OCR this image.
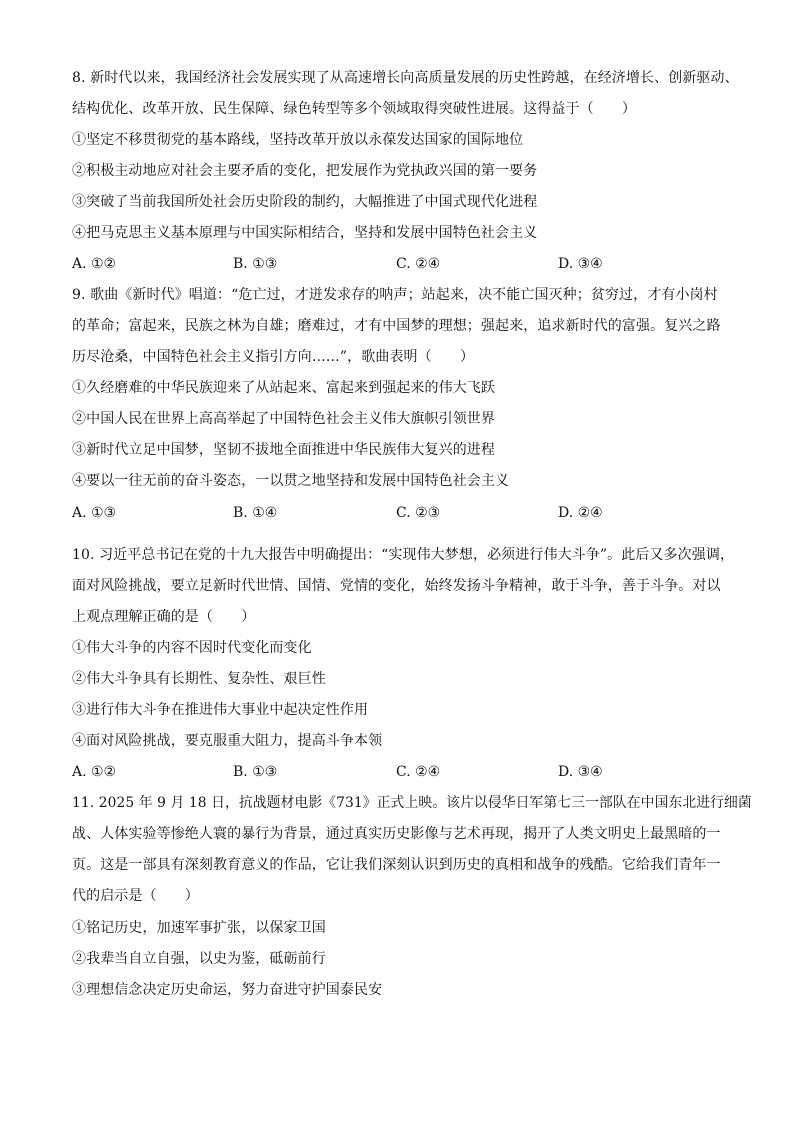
8. 新时代以来，我国经济社会发展实现了从高速增长向高质量发展的历史性跨越，在经济增长、创新驱动、
结构优化、改革开放、民生保障、绿色转型等多个领域取得突破性进展。这得益于（　　）
①坚定不移贯彻党的基本路线，坚持改革开放以永葆发达国家的国际地位
②积极主动地应对社会主要矛盾的变化，把发展作为党执政兴国的第一要务
③突破了当前我国所处社会历史阶段的制约，大幅推进了中国式现代化进程
④把马克思主义基本原理与中国实际相结合，坚持和发展中国特色社会主义
A. ①②	B. ①③	C. ②④	D. ③④
9. 歌曲《新时代》唱道：“危亡过，才迸发求存的呐声；站起来，决不能亡国灭种；贫穷过，才有小岗村
的革命；富起来，民族之林为自雄；磨难过，才有中国梦的理想；强起来，追求新时代的富强。复兴之路
历尽沧桑，中国特色社会主义指引方向……”，歌曲表明（　　）
①久经磨难的中华民族迎来了从站起来、富起来到强起来的伟大飞跃
②中国人民在世界上高高举起了中国特色社会主义伟大旗帜引领世界
③新时代立足中国梦，坚韧不拔地全面推进中华民族伟大复兴的进程
④要以一往无前的奋斗姿态，一以贯之地坚持和发展中国特色社会主义
A. ①③	B. ①④	C. ②③	D. ②④
10. 习近平总书记在党的十九大报告中明确提出：“实现伟大梦想，必须进行伟大斗争”。此后又多次强调，
面对风险挑战，要立足新时代世情、国情、党情的变化，始终发扬斗争精神，敢于斗争，善于斗争。对以
上观点理解正确的是（　　）
①伟大斗争的内容不因时代变化而变化
②伟大斗争具有长期性、复杂性、艰巨性
③进行伟大斗争在推进伟大事业中起决定性作用
④面对风险挑战，要克服重大阻力，提高斗争本领
A. ①②	B. ①③	C. ②④	D. ③④
11. 2025 年 9 月 18 日，抗战题材电影《731》正式上映。该片以侵华日军第七三一部队在中国东北进行细菌
战、人体实验等惨绝人寰的暴行为背景，通过真实历史影像与艺术再现，揭开了人类文明史上最黑暗的一
页。这是一部具有深刻教育意义的作品，它让我们深刻认识到历史的真相和战争的残酷。它给我们青年一
代的启示是（　　）
①铭记历史，加速军事扩张，以保家卫国
②我辈当自立自强，以史为鉴，砥砺前行
③理想信念决定历史命运，努力奋进守护国泰民安
